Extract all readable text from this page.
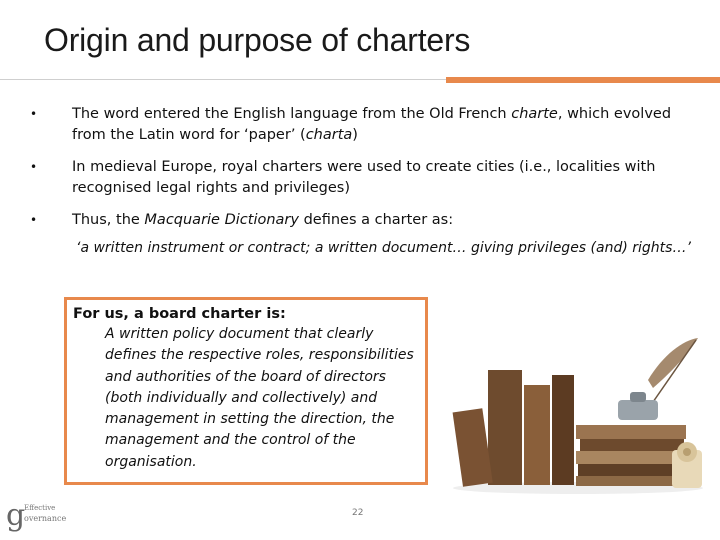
Origin and purpose of charters
• The word entered the English language from the Old French charte, which evolved from the Latin word for ‘paper’ (charta)
• In medieval Europe, royal charters were used to create cities (i.e., localities with recognised legal rights and privileges)
• Thus, the Macquarie Dictionary defines a charter as:
‘a written instrument or contract; a written document… giving privileges (and) rights…’
For us, a board charter is:
A written policy document that clearly defines the respective roles, responsibilities and authorities of the board of directors (both individually and collectively) and management in setting the direction, the management and the control of the organisation.
g
Effective
overnance
22
